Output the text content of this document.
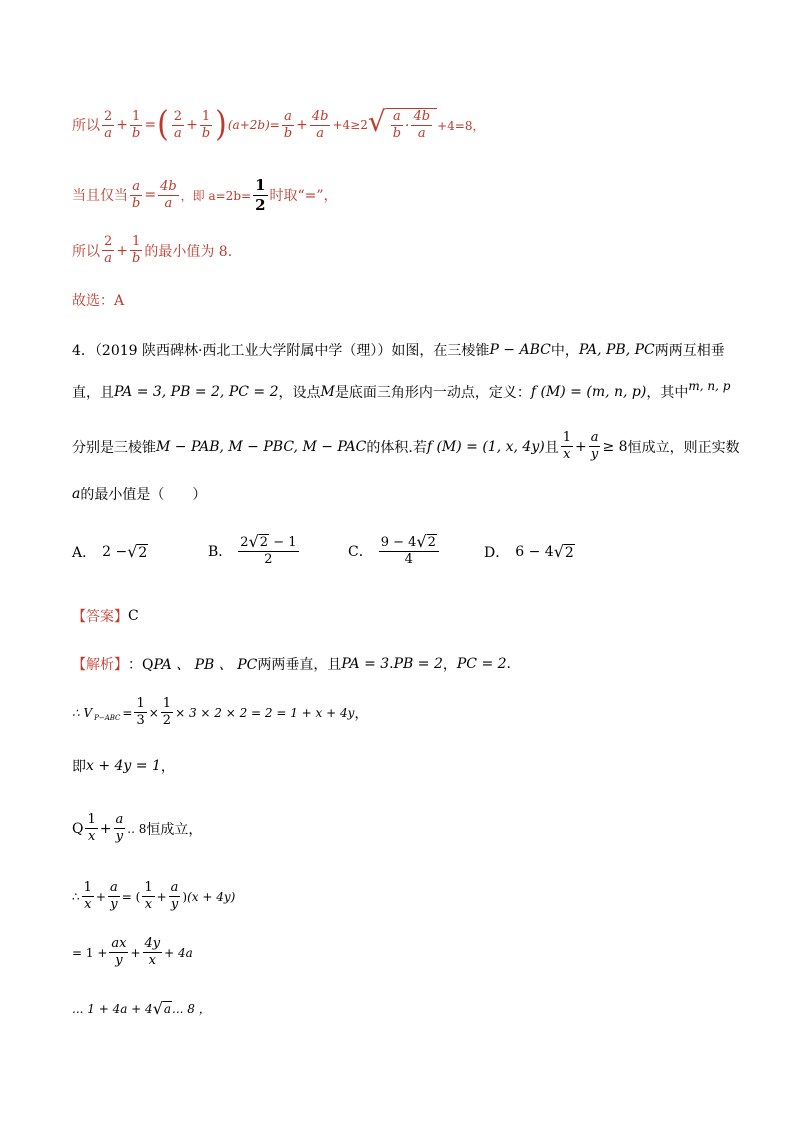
所以 $\frac{2}{a} + \frac{1}{b}$ = ( $\frac{2}{a} + \frac{1}{b}$ ) $(a+2b)= \frac{a}{b} + \frac{4b}{a} +4\ge 2$ √ $\frac{a}{b} \cdot \frac{4b}{a} +4=8$，
当且仅当 $\frac{a}{b} = \frac{4b}{a}$ ，即 $a=2b= \frac{1}{2}$ 时取“=”，
所以 $\frac{2}{a} + \frac{1}{b}$ 的最小值为 8.
故选：A
4．（2019 陕西碑林·西北工业大学附属中学（理））如图，在三棱锥 P − ABC 中， PA, PB, PC 两两互相垂
直，且 PA = 3, PB = 2, PC = 2 ，设点 M 是底面三角形内一动点，定义： f (M) = (m, n, p) ，其中 m, n, p
分别是三棱锥 M − PAB, M − PBC, M − PAC 的体积.若 f (M) = (1, x, 4y) 且 $\frac{1}{x} + \frac{a}{y} \ge 8$ 恒成立，则正实数
a 的最小值是（　　）
A． 2 − √ 2	B． $\frac{2 √ 2 - 1}{2}$	C． $\frac{9 - 4 √ 2}{4}$	D． 6 − 4 √ 2
【答案】 C
【解析】 ：Q PA 、 PB 、 PC 两两垂直，且 PA = 3 . PB = 2 ， PC = 2 .
∴ V $P-ABC = \frac{1}{3} \times \frac{1}{2} \times 3 \times 2 \times 2 = 2 = 1 + x + 4y$ ，
即 x + 4y = 1 ，
Q $\frac{1}{x} + \frac{a}{y}$ .. 8 恒成立，
∴ $\frac{1}{x} + \frac{a}{y}$ = ( $\frac{1}{x} + \frac{a}{y}$ ) (x + 4y)
= $1 + \frac{ax}{y} + \frac{4y}{x} + 4a$
... 1 + 4a + 4 √ a ... 8 ，
